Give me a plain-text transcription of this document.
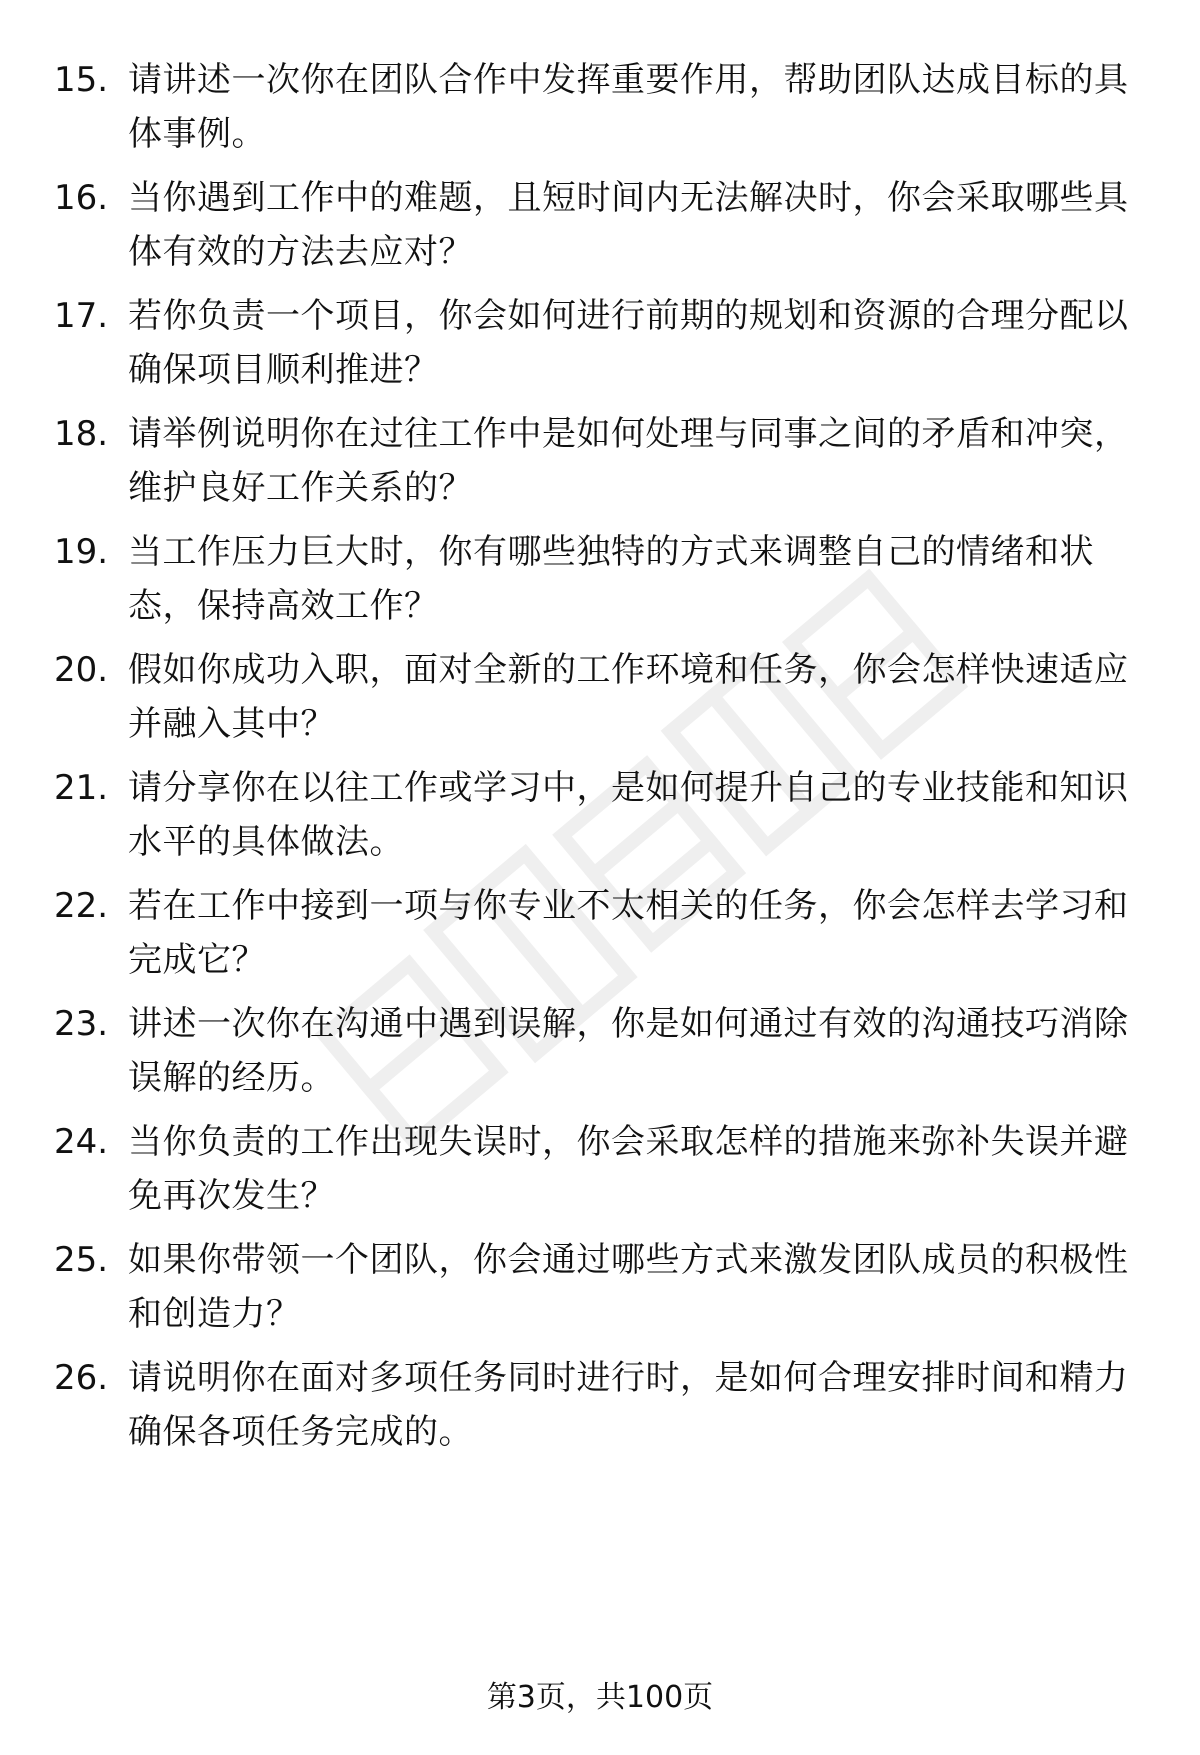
15. 请讲述一次你在团队合作中发挥重要作用，帮助团队达成目标的具体事例。
16. 当你遇到工作中的难题，且短时间内无法解决时，你会采取哪些具体有效的方法去应对？
17. 若你负责一个项目，你会如何进行前期的规划和资源的合理分配以确保项目顺利推进？
18. 请举例说明你在过往工作中是如何处理与同事之间的矛盾和冲突，维护良好工作关系的？
19. 当工作压力巨大时，你有哪些独特的方式来调整自己的情绪和状态，保持高效工作？
20. 假如你成功入职，面对全新的工作环境和任务，你会怎样快速适应并融入其中？
21. 请分享你在以往工作或学习中，是如何提升自己的专业技能和知识水平的具体做法。
22. 若在工作中接到一项与你专业不太相关的任务，你会怎样去学习和完成它？
23. 讲述一次你在沟通中遇到误解，你是如何通过有效的沟通技巧消除误解的经历。
24. 当你负责的工作出现失误时，你会采取怎样的措施来弥补失误并避免再次发生？
25. 如果你带领一个团队，你会通过哪些方式来激发团队成员的积极性和创造力？
26. 请说明你在面对多项任务同时进行时，是如何合理安排时间和精力确保各项任务完成的。
第3页，共100页
